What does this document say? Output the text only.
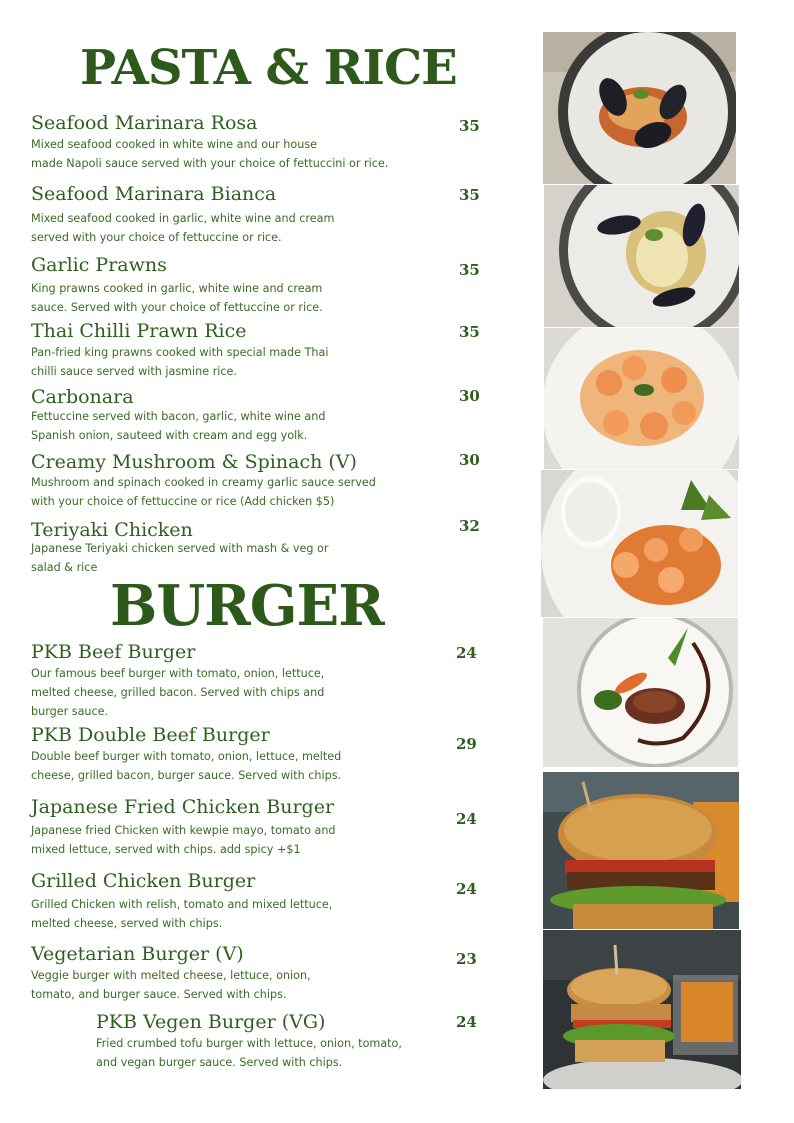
PASTA & RICE
BURGER
Seafood Marinara Rosa
Mixed seafood cooked in white wine and our house
made Napoli sauce served with your choice of fettuccini or rice.
35
Seafood Marinara Bianca
Mixed seafood cooked in garlic, white wine and cream
served with your choice of fettuccine or rice.
35
Garlic Prawns
King prawns cooked in garlic, white wine and cream
sauce. Served with your choice of fettuccine or rice.
35
Thai Chilli Prawn Rice
Pan-fried king prawns cooked with special made Thai
chilli sauce served with jasmine rice.
35
Carbonara
Fettuccine served with bacon, garlic, white wine and
Spanish onion, sauteed with cream and egg yolk.
30
Creamy Mushroom & Spinach (V)
Mushroom and spinach cooked in creamy garlic sauce served
with your choice of fettuccine or rice (Add chicken $5)
30
Teriyaki Chicken
Japanese Teriyaki chicken served with mash & veg or
salad & rice
32
PKB Beef Burger
Our famous beef burger with tomato, onion, lettuce,
melted cheese, grilled bacon. Served with chips and
burger sauce.
24
PKB Double Beef Burger
Double beef burger with tomato, onion, lettuce, melted
cheese, grilled bacon, burger sauce. Served with chips.
29
Japanese Fried Chicken Burger
Japanese fried Chicken with kewpie mayo, tomato and
mixed lettuce, served with chips. add spicy +$1
24
Grilled Chicken Burger
Grilled Chicken with relish, tomato and mixed lettuce,
melted cheese, served with chips.
24
Vegetarian Burger (V)
Veggie burger with melted cheese, lettuce, onion,
tomato, and burger sauce. Served with chips.
23
PKB Vegen Burger (VG)
Fried crumbed tofu burger with lettuce, onion, tomato,
and vegan burger sauce. Served with chips.
24
